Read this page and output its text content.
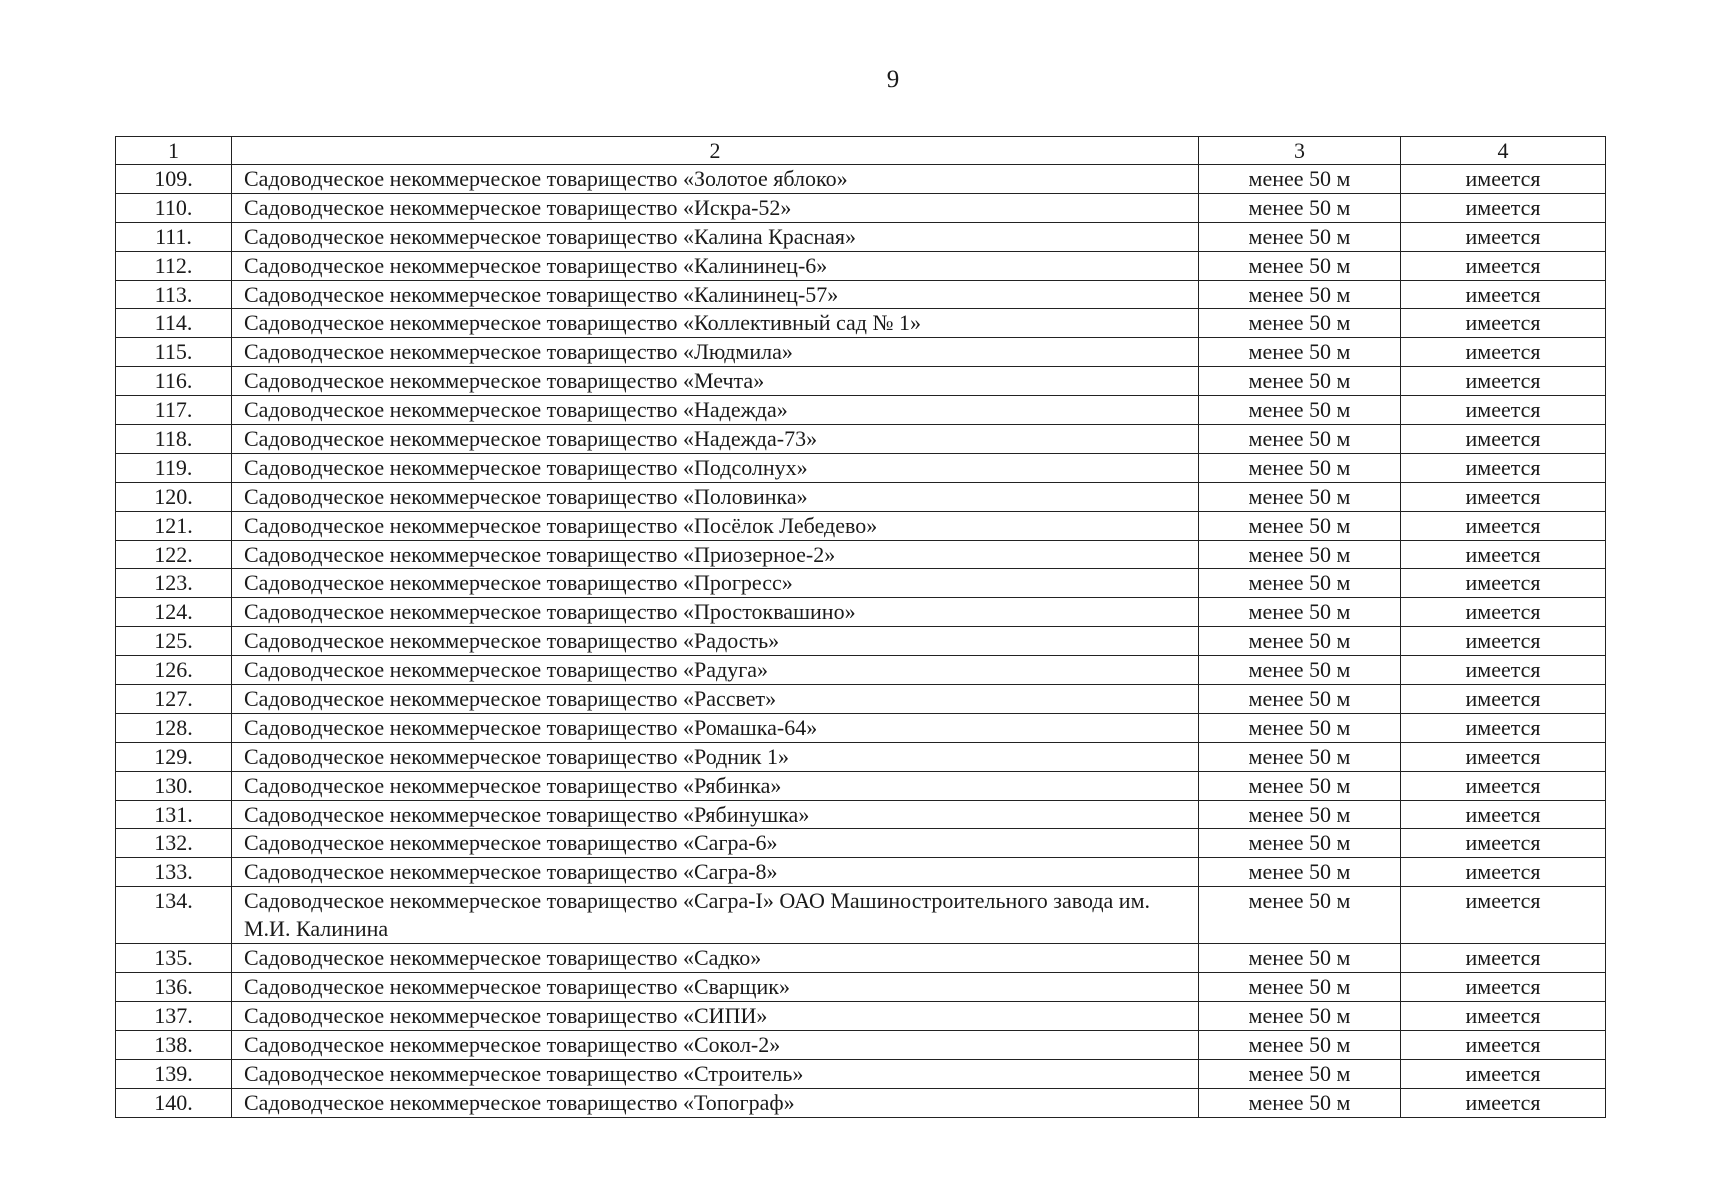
9
1	2	3	4
109.	Садоводческое некоммерческое товарищество «Золотое яблоко»	менее 50 м	имеется
110.	Садоводческое некоммерческое товарищество «Искра-52»	менее 50 м	имеется
111.	Садоводческое некоммерческое товарищество «Калина Красная»	менее 50 м	имеется
112.	Садоводческое некоммерческое товарищество «Калининец-6»	менее 50 м	имеется
113.	Садоводческое некоммерческое товарищество «Калининец-57»	менее 50 м	имеется
114.	Садоводческое некоммерческое товарищество «Коллективный сад № 1»	менее 50 м	имеется
115.	Садоводческое некоммерческое товарищество «Людмила»	менее 50 м	имеется
116.	Садоводческое некоммерческое товарищество «Мечта»	менее 50 м	имеется
117.	Садоводческое некоммерческое товарищество «Надежда»	менее 50 м	имеется
118.	Садоводческое некоммерческое товарищество «Надежда-73»	менее 50 м	имеется
119.	Садоводческое некоммерческое товарищество «Подсолнух»	менее 50 м	имеется
120.	Садоводческое некоммерческое товарищество «Половинка»	менее 50 м	имеется
121.	Садоводческое некоммерческое товарищество «Посёлок Лебедево»	менее 50 м	имеется
122.	Садоводческое некоммерческое товарищество «Приозерное-2»	менее 50 м	имеется
123.	Садоводческое некоммерческое товарищество «Прогресс»	менее 50 м	имеется
124.	Садоводческое некоммерческое товарищество «Простоквашино»	менее 50 м	имеется
125.	Садоводческое некоммерческое товарищество «Радость»	менее 50 м	имеется
126.	Садоводческое некоммерческое товарищество «Радуга»	менее 50 м	имеется
127.	Садоводческое некоммерческое товарищество «Рассвет»	менее 50 м	имеется
128.	Садоводческое некоммерческое товарищество «Ромашка-64»	менее 50 м	имеется
129.	Садоводческое некоммерческое товарищество «Родник 1»	менее 50 м	имеется
130.	Садоводческое некоммерческое товарищество «Рябинка»	менее 50 м	имеется
131.	Садоводческое некоммерческое товарищество «Рябинушка»	менее 50 м	имеется
132.	Садоводческое некоммерческое товарищество «Сагра-6»	менее 50 м	имеется
133.	Садоводческое некоммерческое товарищество «Сагра-8»	менее 50 м	имеется
134.	Садоводческое некоммерческое товарищество «Сагра-I» ОАО Машиностроительного завода им. М.И. Калинина	менее 50 м	имеется
135.	Садоводческое некоммерческое товарищество «Садко»	менее 50 м	имеется
136.	Садоводческое некоммерческое товарищество «Сварщик»	менее 50 м	имеется
137.	Садоводческое некоммерческое товарищество «СИПИ»	менее 50 м	имеется
138.	Садоводческое некоммерческое товарищество «Сокол-2»	менее 50 м	имеется
139.	Садоводческое некоммерческое товарищество «Строитель»	менее 50 м	имеется
140.	Садоводческое некоммерческое товарищество «Топограф»	менее 50 м	имеется
